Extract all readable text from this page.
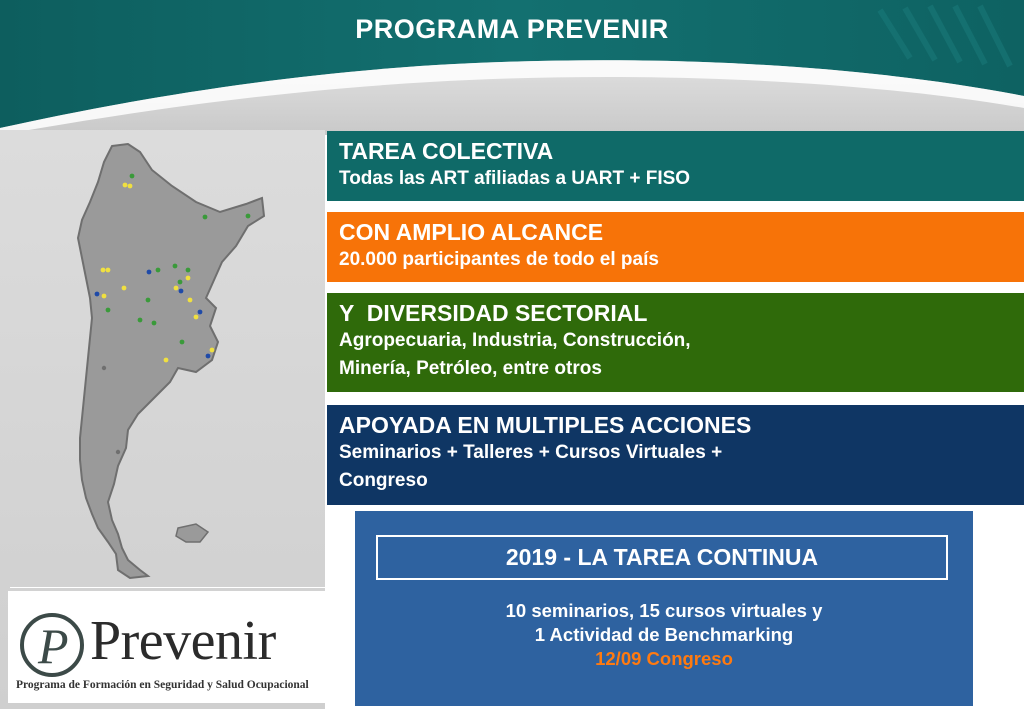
PROGRAMA PREVENIR
P Prevenir
Programa de Formación en Seguridad y Salud Ocupacional
TAREA COLECTIVA
Todas las ART afiliadas a UART + FISO
CON AMPLIO ALCANCE
20.000 participantes de todo el país
Y  DIVERSIDAD SECTORIAL
Agropecuaria, Industria, Construcción,
Minería, Petróleo, entre otros
APOYADA EN MULTIPLES ACCIONES
Seminarios + Talleres + Cursos Virtuales +
Congreso
2019 - LA TAREA CONTINUA
10 seminarios, 15 cursos virtuales y
1 Actividad de Benchmarking
12/09 Congreso
